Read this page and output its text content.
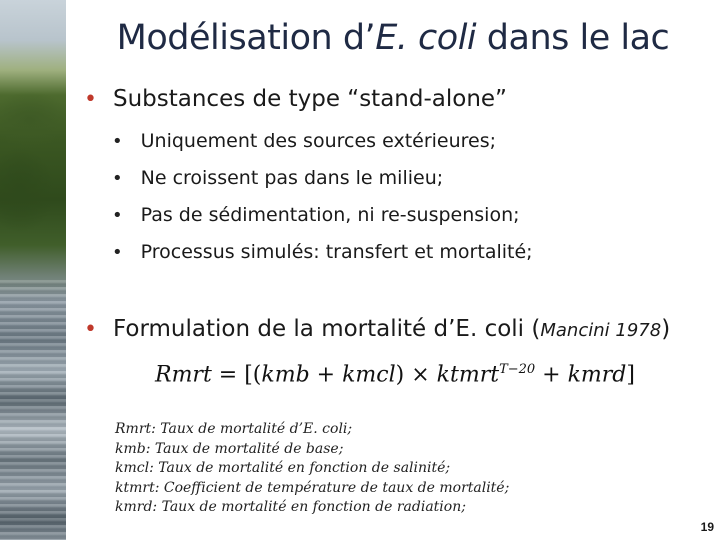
Modélisation d’E. coli dans le lac
• Substances de type “stand-alone”
• Uniquement des sources extérieures;
• Ne croissent pas dans le milieu;
• Pas de sédimentation, ni re-suspension;
• Processus simulés: transfert et mortalité;
• Formulation de la mortalité d’E. coli (Mancini 1978)
Rmrt = [(kmb + kmcl) × ktmrt$^{T-20}$ + kmrd]
Rmrt: Taux de mortalité d’E. coli;
kmb: Taux de mortalité de base;
kmcl: Taux de mortalité en fonction de salinité;
ktmrt: Coefficient de température de taux de mortalité;
kmrd: Taux de mortalité en fonction de radiation;
19
